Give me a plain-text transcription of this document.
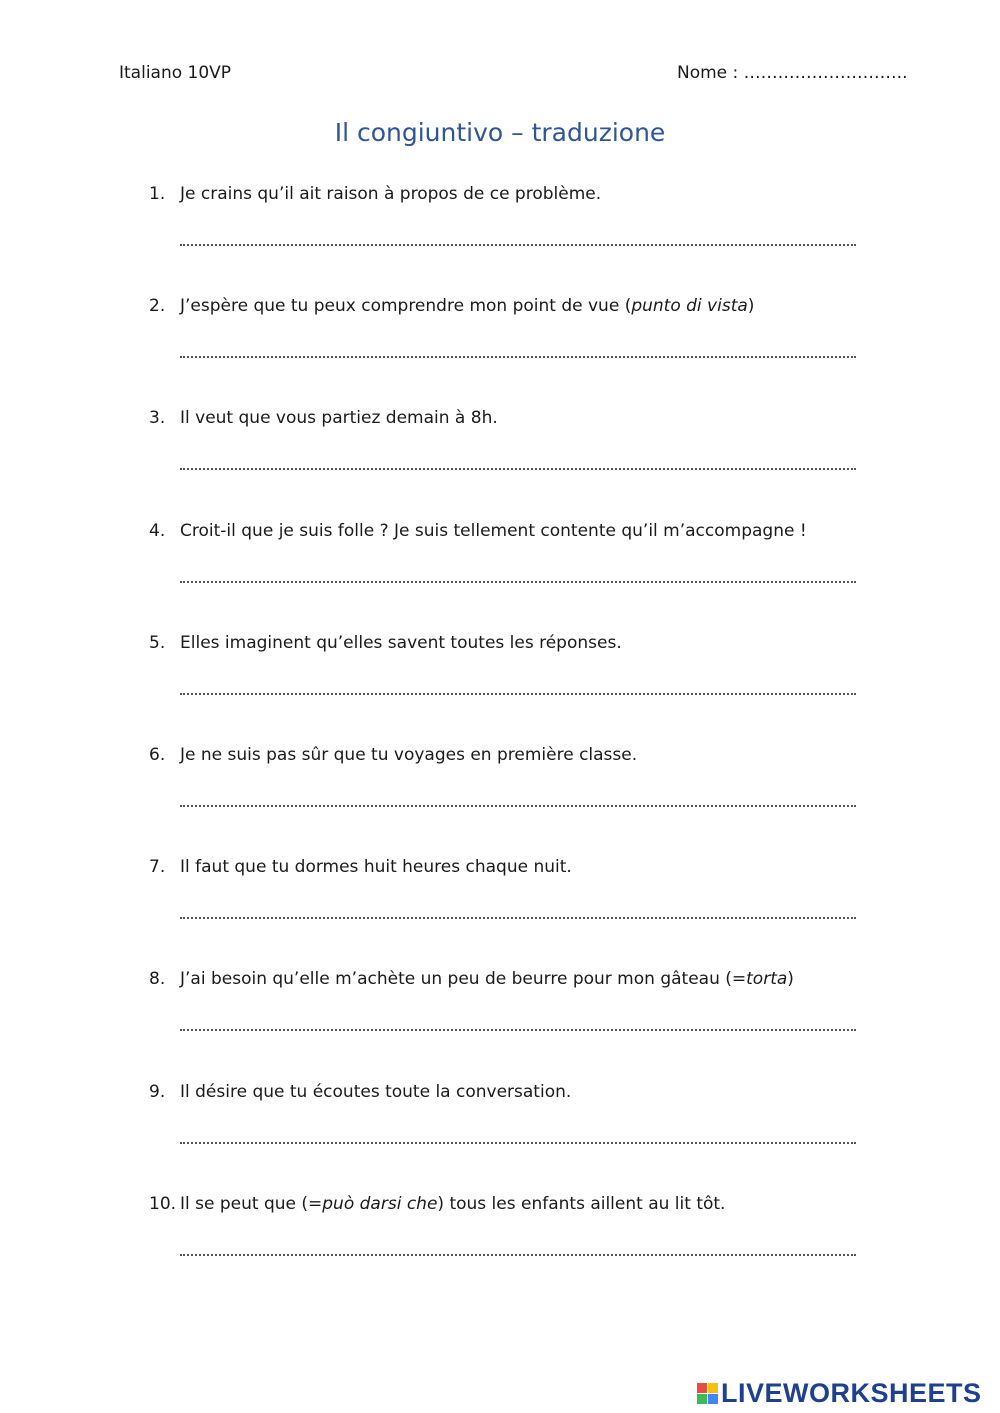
Italiano 10VP	Nome : ………………………..
Il congiuntivo – traduzione
1. Je crains qu’il ait raison à propos de ce problème.
2. J’espère que tu peux comprendre mon point de vue (punto di vista)
3. Il veut que vous partiez demain à 8h.
4. Croit-il que je suis folle ? Je suis tellement contente qu’il m’accompagne !
5. Elles imaginent qu’elles savent toutes les réponses.
6. Je ne suis pas sûr que tu voyages en première classe.
7. Il faut que tu dormes huit heures chaque nuit.
8. J’ai besoin qu’elle m’achète un peu de beurre pour mon gâteau (=torta)
9. Il désire que tu écoutes toute la conversation.
10. Il se peut que (=può darsi che) tous les enfants aillent au lit tôt.
LIVEWORKSHEETS
